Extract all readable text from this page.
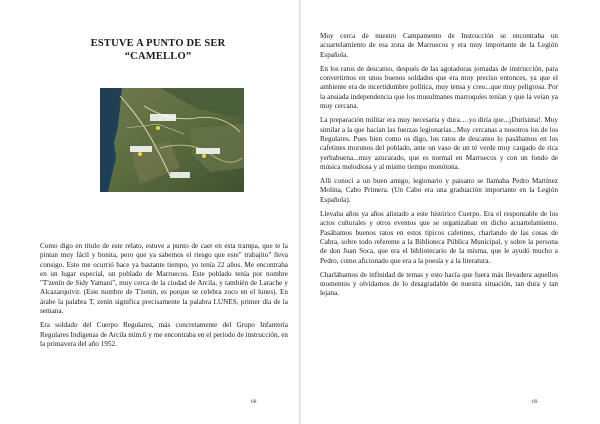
ESTUVE A PUNTO DE SER
“CAMELLO”

Como digo en título de este relato, estuve a punto de caer en esta trampa, que te la pintan muy fácil y bonita, pero que ya sabemos el riesgo que este" trabajito" lleva consigo. Esto me ocurrió hace ya bastante tiempo, yo tenía 22 años. Me encontraba en un lugar especial, un poblado de Marruecos. Este poblado tenía por nombre "T'zenín de Sidy Yamani", muy cerca de la ciudad de Arcila, y también de Larache y Alcazarquivir. (Este nombre de T'zenín, es porque se celebra zoco en el lunes). En árabe la palabra T, zenín significa precisamente la palabra LUNES, primer día de la semana.

Era soldado del Cuerpo Regulares, más concretamente del Grupo Infantería Regulares Indígenas de Arcila núm.6 y me encontraba en el periodo de instrucción, en la primavera del año 1952.

68

Muy cerca de nuestro Campamento de Instrucción se encontraba un acuartelamiento de esa zona de Marruecos y era muy importante de la Legión Española.

En los ratos de descanso, después de las agotadoras jornadas de instrucción, para convertirnos en unos buenos soldados que era muy preciso entonces, ya que el ambiente era de incertidumbre política, muy tensa y creo...que muy peligrosa. Por la ansiada independencia que los musulmanes marroquíes tenían y que la veían ya muy cercana.

La preparación militar era muy necesaria y dura….yo diría que...¡Durísima!. Muy similar a la que hacían las fuerzas legionarias...Muy cercanas a nosotros los de los Regulares. Pues bien como os digo, los ratos de descanso lo pasábamos en los cafetines morunos del poblado, ante un vaso de un té verde muy cargado de rica yerbabuena...muy azucarado, que es normal en Marruecos y con un fondo de música melodiosa y al mismo tiempo monótona.

Allí conocí a un buen amigo, legionario y paisano se llamaba Pedro Martínez Molina, Cabo Primera. (Un Cabo era una graduación importante en la Legión Española).

Llevaba años ya años alistado a este histórico Cuerpo. Era el responsable de los actos culturales y otros eventos que se organizaban en dicho acuartelamiento. Pasábamos buenos ratos en estos típicos cafetines, charlando de las cosas de Cabra, sobre todo referente a la Biblioteca Pública Municipal, y sobre la persona de don Juan Soca, que era el bibliotecario de la misma, que le ayudó mucho a Pedro, como aficionado que era a la poesía y a la literatura.

Charlábamos de infinidad de temas y esto hacía que fuera más llevadera aquellos momentos y olvidarnos de lo desagradable de nuestra situación, tan dura y tan lejana.

69
